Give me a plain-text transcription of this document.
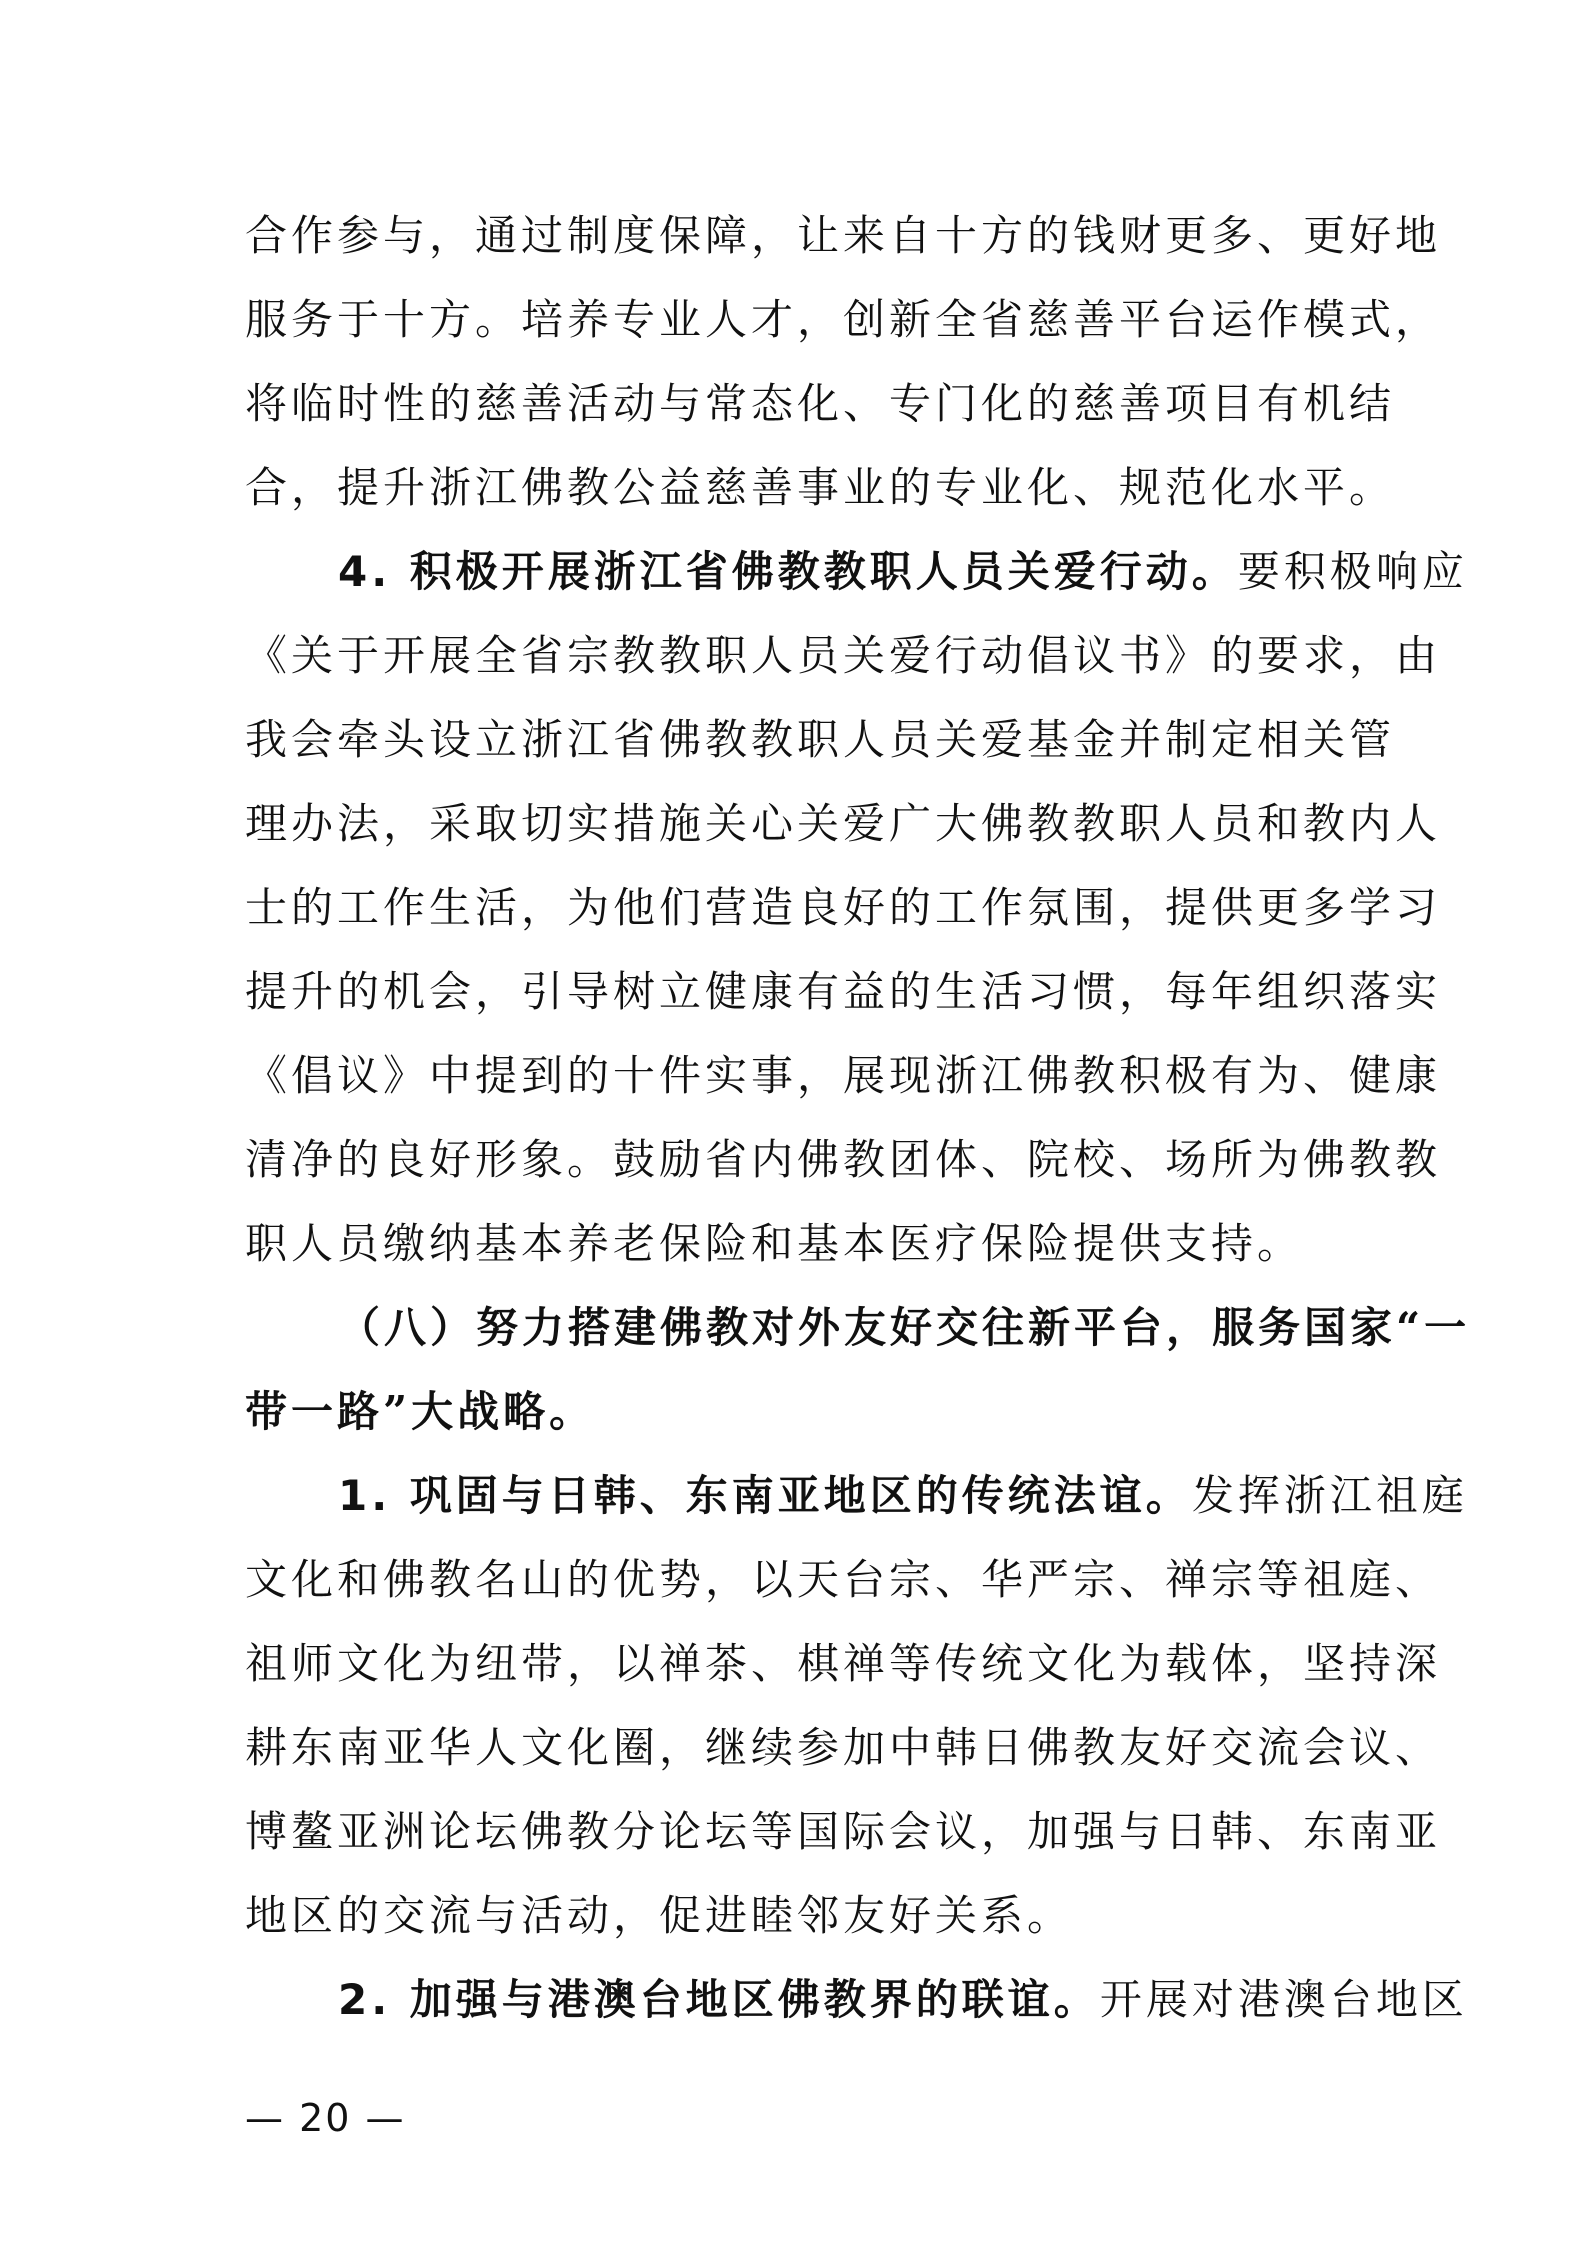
合作参与，通过制度保障，让来自十方的钱财更多、更好地
服务于十方。培养专业人才，创新全省慈善平台运作模式，
将临时性的慈善活动与常态化、专门化的慈善项目有机结
合，提升浙江佛教公益慈善事业的专业化、规范化水平。
4. 积极开展浙江省佛教教职人员关爱行动。要积极响应
《关于开展全省宗教教职人员关爱行动倡议书》的要求，由
我会牵头设立浙江省佛教教职人员关爱基金并制定相关管
理办法，采取切实措施关心关爱广大佛教教职人员和教内人
士的工作生活，为他们营造良好的工作氛围，提供更多学习
提升的机会，引导树立健康有益的生活习惯，每年组织落实
《倡议》中提到的十件实事，展现浙江佛教积极有为、健康
清净的良好形象。鼓励省内佛教团体、院校、场所为佛教教
职人员缴纳基本养老保险和基本医疗保险提供支持。
（八）努力搭建佛教对外友好交往新平台，服务国家“一
带一路”大战略。
1. 巩固与日韩、东南亚地区的传统法谊。发挥浙江祖庭
文化和佛教名山的优势，以天台宗、华严宗、禅宗等祖庭、
祖师文化为纽带，以禅茶、棋禅等传统文化为载体，坚持深
耕东南亚华人文化圈，继续参加中韩日佛教友好交流会议、
博鳌亚洲论坛佛教分论坛等国际会议，加强与日韩、东南亚
地区的交流与活动，促进睦邻友好关系。
2. 加强与港澳台地区佛教界的联谊。开展对港澳台地区
— 20 —
